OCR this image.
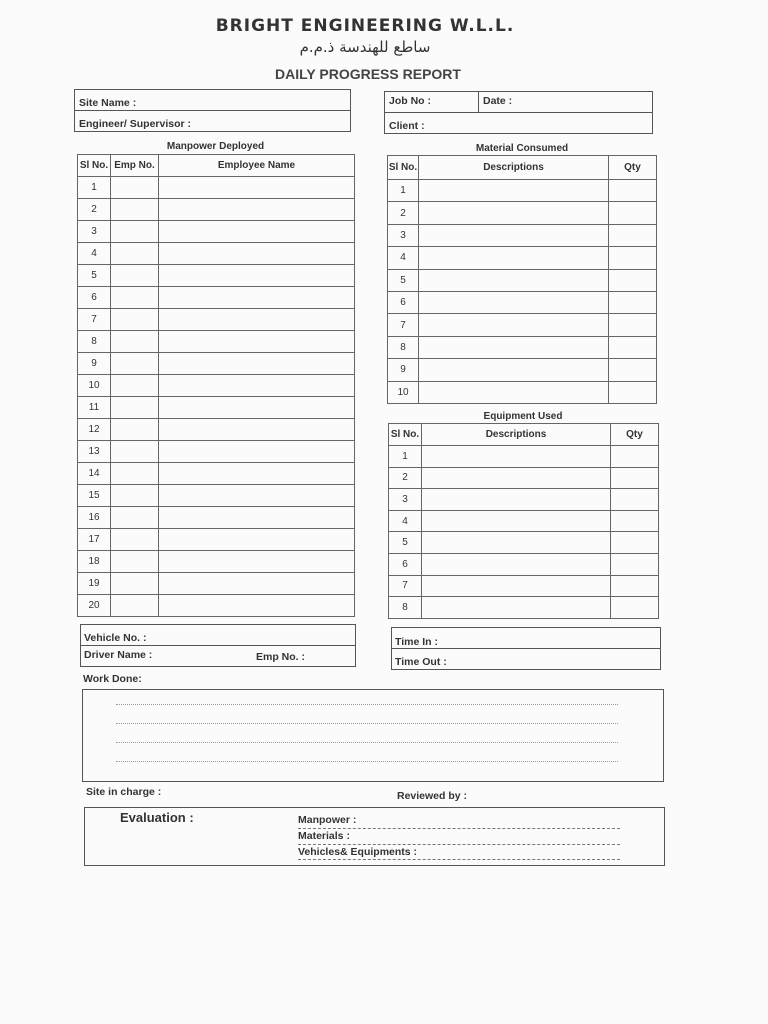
BRIGHT ENGINEERING W.L.L.
ساطع للهندسة ذ.م.م
DAILY PROGRESS REPORT
Site Name :
Engineer/ Supervisor :
Job No :	Date :
Client :
Manpower Deployed
Sl No.	Emp No.	Employee Name
1		
2		
3		
4		
5		
6		
7		
8		
9		
10		
11		
12		
13		
14		
15		
16		
17		
18		
19		
20		
Material Consumed
Sl No.	Descriptions	Qty
1		
2		
3		
4		
5		
6		
7		
8		
9		
10		
Equipment Used
Sl No.	Descriptions	Qty
1		
2		
3		
4		
5		
6		
7		
8		
Vehicle No. :
Driver Name :	Emp No. :
Time In :
Time Out :
Work Done:
Site in charge :	Reviewed by :
Evaluation :	Manpower :
Materials :
Vehicles& Equipments :
